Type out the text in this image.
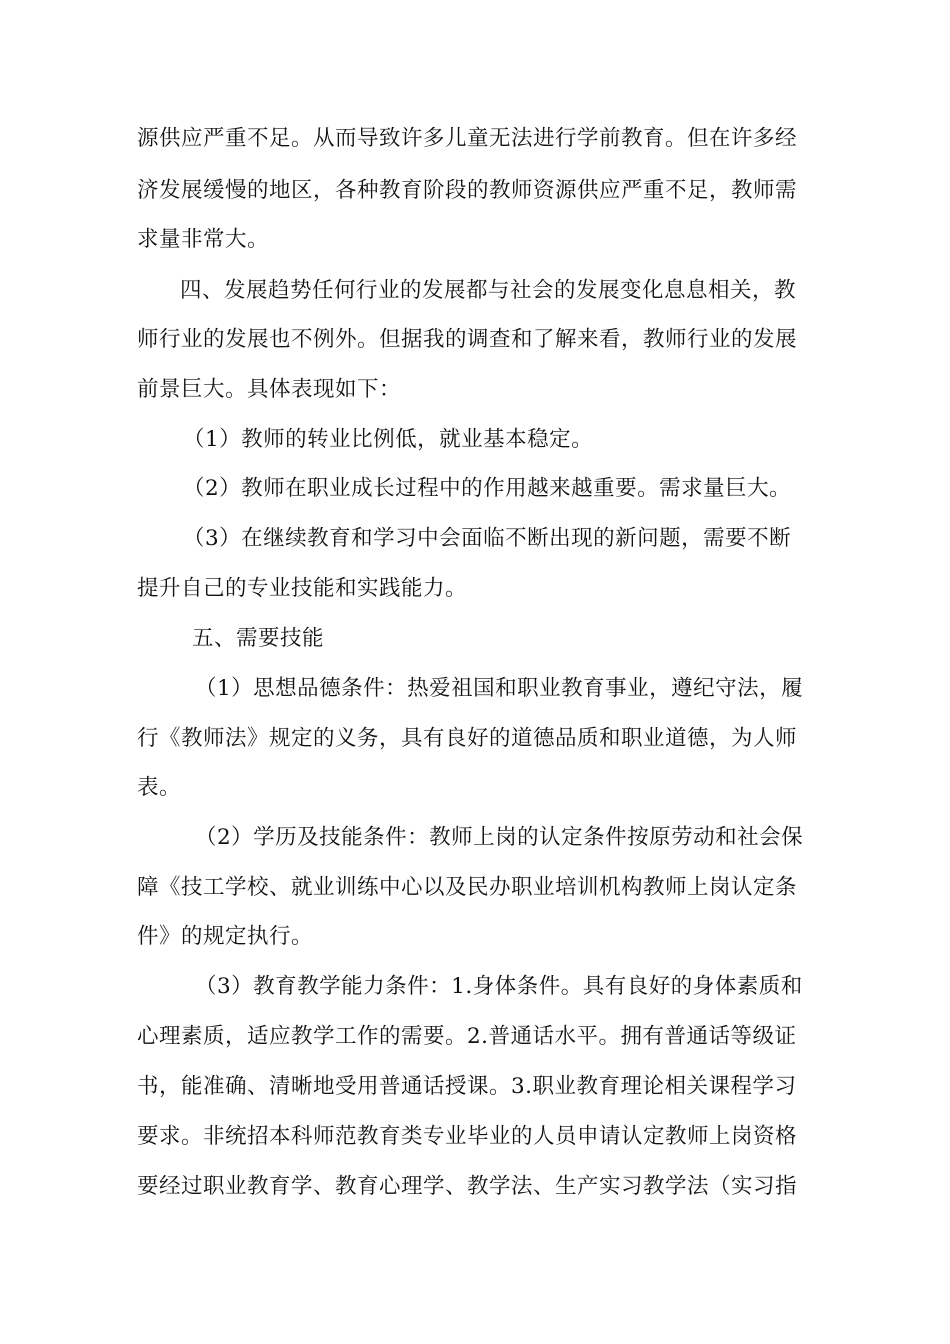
源供应严重不足。从而导致许多儿童无法进行学前教育。但在许多经
济发展缓慢的地区，各种教育阶段的教师资源供应严重不足，教师需
求量非常大。
四、发展趋势任何行业的发展都与社会的发展变化息息相关，教
师行业的发展也不例外。但据我的调查和了解来看，教师行业的发展
前景巨大。具体表现如下：
（1）教师的转业比例低，就业基本稳定。
（2）教师在职业成长过程中的作用越来越重要。需求量巨大。
（3）在继续教育和学习中会面临不断出现的新问题，需要不断
提升自己的专业技能和实践能力。
五、需要技能
（1）思想品德条件：热爱祖国和职业教育事业，遵纪守法，履
行《教师法》规定的义务，具有良好的道德品质和职业道德，为人师
表。
（2）学历及技能条件：教师上岗的认定条件按原劳动和社会保
障《技工学校、就业训练中心以及民办职业培训机构教师上岗认定条
件》的规定执行。
（3）教育教学能力条件：1.身体条件。具有良好的身体素质和
心理素质，适应教学工作的需要。2.普通话水平。拥有普通话等级证
书，能准确、清晰地受用普通话授课。3.职业教育理论相关课程学习
要求。非统招本科师范教育类专业毕业的人员申请认定教师上岗资格
要经过职业教育学、教育心理学、教学法、生产实习教学法（实习指
